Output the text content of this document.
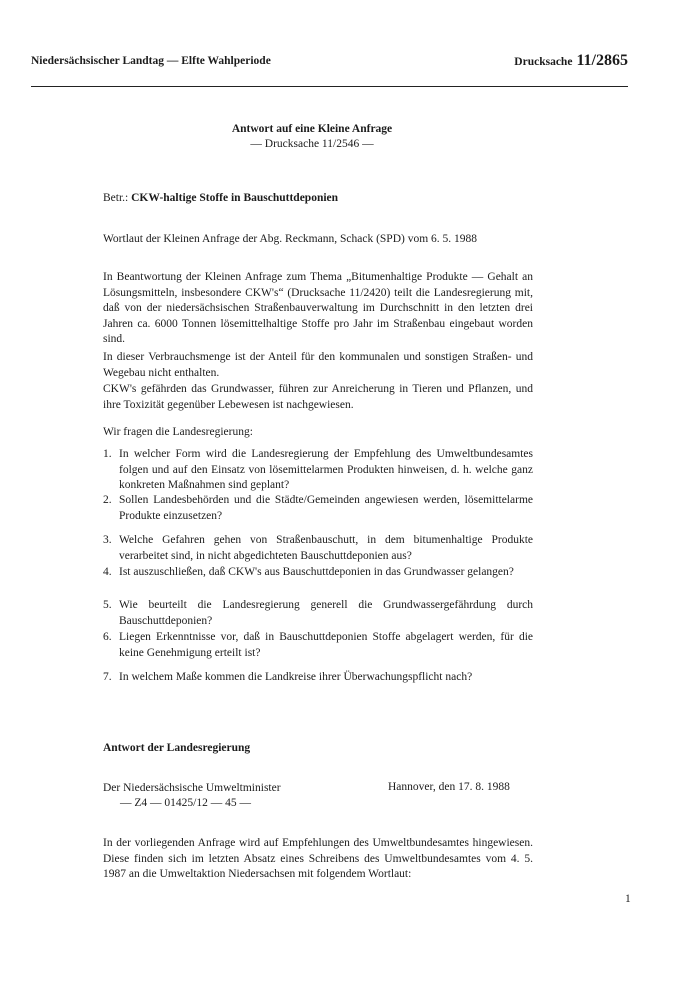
Niedersächsischer Landtag — Elfte Wahlperiode	Drucksache 11/2865
Antwort auf eine Kleine Anfrage
— Drucksache 11/2546 —
Betr.: CKW-haltige Stoffe in Bauschuttdeponien
Wortlaut der Kleinen Anfrage der Abg. Reckmann, Schack (SPD) vom 6. 5. 1988
In Beantwortung der Kleinen Anfrage zum Thema „Bitumenhaltige Produkte — Gehalt an Lösungsmitteln, insbesondere CKW's“ (Drucksache 11/2420) teilt die Landesregierung mit, daß von der niedersächsischen Straßenbauverwaltung im Durchschnitt in den letzten drei Jahren ca. 6000 Tonnen lösemittelhaltige Stoffe pro Jahr im Straßenbau eingebaut worden sind.
In dieser Verbrauchsmenge ist der Anteil für den kommunalen und sonstigen Straßen- und Wegebau nicht enthalten.
CKW's gefährden das Grundwasser, führen zur Anreicherung in Tieren und Pflanzen, und ihre Toxizität gegenüber Lebewesen ist nachgewiesen.
Wir fragen die Landesregierung:
1. In welcher Form wird die Landesregierung der Empfehlung des Umweltbundesamtes folgen und auf den Einsatz von lösemittelarmen Produkten hinweisen, d. h. welche ganz konkreten Maßnahmen sind geplant?
2. Sollen Landesbehörden und die Städte/Gemeinden angewiesen werden, lösemittelarme Produkte einzusetzen?
3. Welche Gefahren gehen von Straßenbauschutt, in dem bitumenhaltige Produkte verarbeitet sind, in nicht abgedichteten Bauschuttdeponien aus?
4. Ist auszuschließen, daß CKW's aus Bauschuttdeponien in das Grundwasser gelangen?
5. Wie beurteilt die Landesregierung generell die Grundwassergefährdung durch Bauschuttdeponien?
6. Liegen Erkenntnisse vor, daß in Bauschuttdeponien Stoffe abgelagert werden, für die keine Genehmigung erteilt ist?
7. In welchem Maße kommen die Landkreise ihrer Überwachungspflicht nach?
Antwort der Landesregierung
Der Niedersächsische Umweltminister
— Z4 — 01425/12 — 45 —
Hannover, den 17. 8. 1988
In der vorliegenden Anfrage wird auf Empfehlungen des Umweltbundesamtes hingewiesen. Diese finden sich im letzten Absatz eines Schreibens des Umweltbundesamtes vom 4. 5. 1987 an die Umweltaktion Niedersachsen mit folgendem Wortlaut:
1
